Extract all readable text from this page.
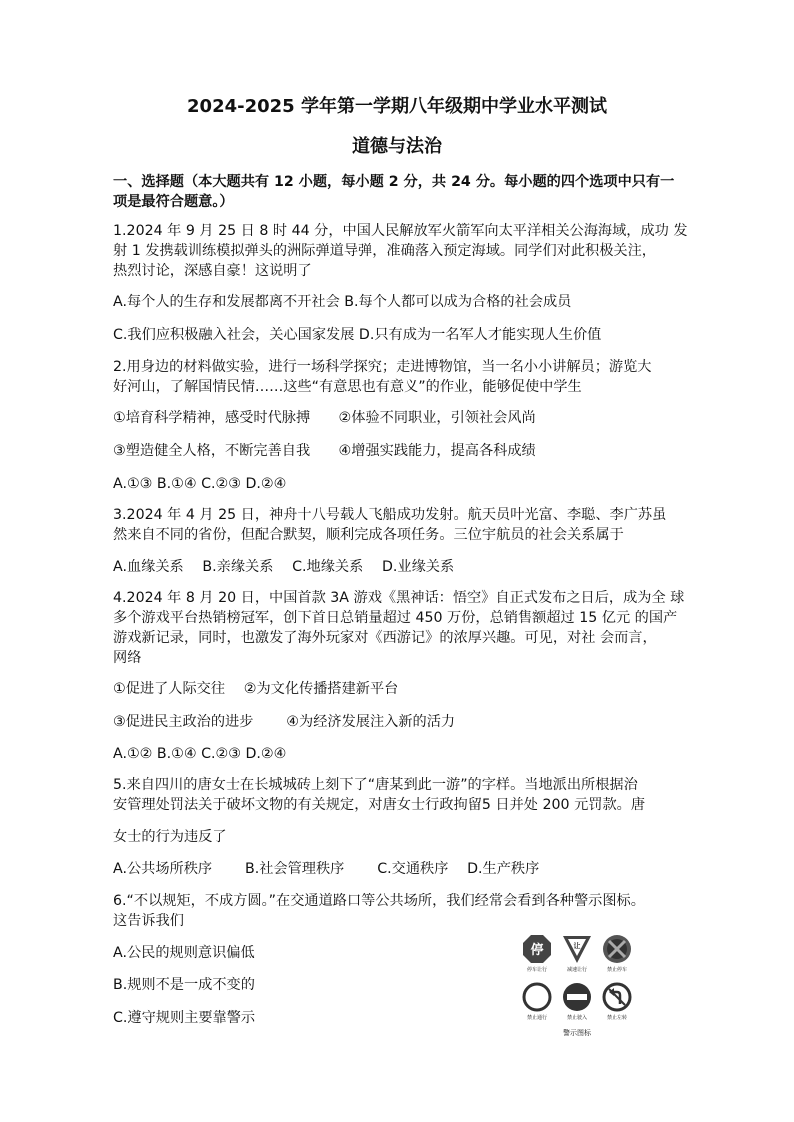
2024-2025 学年第一学期八年级期中学业水平测试
道德与法治
一、选择题（本大题共有 12 小题，每小题 2 分，共 24 分。每小题的四个选项中只有一
项是最符合题意。）
1.2024 年 9 月 25 日 8 时 44 分，中国人民解放军火箭军向太平洋相关公海海域，成功 发
射 1 发携载训练模拟弹头的洲际弹道导弹，准确落入预定海域。同学们对此积极关注，
热烈讨论，深感自豪！这说明了
A.每个人的生存和发展都离不开社会 B.每个人都可以成为合格的社会成员
C.我们应积极融入社会，关心国家发展 D.只有成为一名军人才能实现人生价值
2.用身边的材料做实验，进行一场科学探究；走进博物馆，当一名小小讲解员；游览大
好河山，了解国情民情……这些“有意思也有意义”的作业，能够促使中学生
①培育科学精神，感受时代脉搏　　②体验不同职业，引领社会风尚
③塑造健全人格，不断完善自我　　④增强实践能力，提高各科成绩
A.①③ B.①④ C.②③ D.②④
3.2024 年 4 月 25 日，神舟十八号载人飞船成功发射。航天员叶光富、李聪、李广苏虽
然来自不同的省份，但配合默契，顺利完成各项任务。三位宇航员的社会关系属于
A.血缘关系　 B.亲缘关系　 C.地缘关系　 D.业缘关系
4.2024 年 8 月 20 日，中国首款 3A 游戏《黑神话：悟空》自正式发布之日后，成为全 球
多个游戏平台热销榜冠军，创下首日总销量超过 450 万份，总销售额超过 15 亿元 的国产
游戏新记录，同时，也激发了海外玩家对《西游记》的浓厚兴趣。可见，对社 会而言，
网络
①促进了人际交往　 ②为文化传播搭建新平台
③促进民主政治的进步　　 ④为经济发展注入新的活力
A.①② B.①④ C.②③ D.②④
5.来自四川的唐女士在长城城砖上刻下了“唐某到此一游”的字样。当地派出所根据治
安管理处罚法关于破坏文物的有关规定，对唐女士行政拘留5 日并处 200 元罚款。唐
女士的行为违反了
A.公共场所秩序　　 B.社会管理秩序　　 C.交通秩序　 D.生产秩序
6.“不以规矩，不成方圆。”在交通道路口等公共场所，我们经常会看到各种警示图标。
这告诉我们
A.公民的规则意识偏低
B.规则不是一成不变的
C.遵守规则主要靠警示
停
停车让行
让
减速让行	禁止停车
禁止通行	禁止驶入	禁止左转
警示图标
